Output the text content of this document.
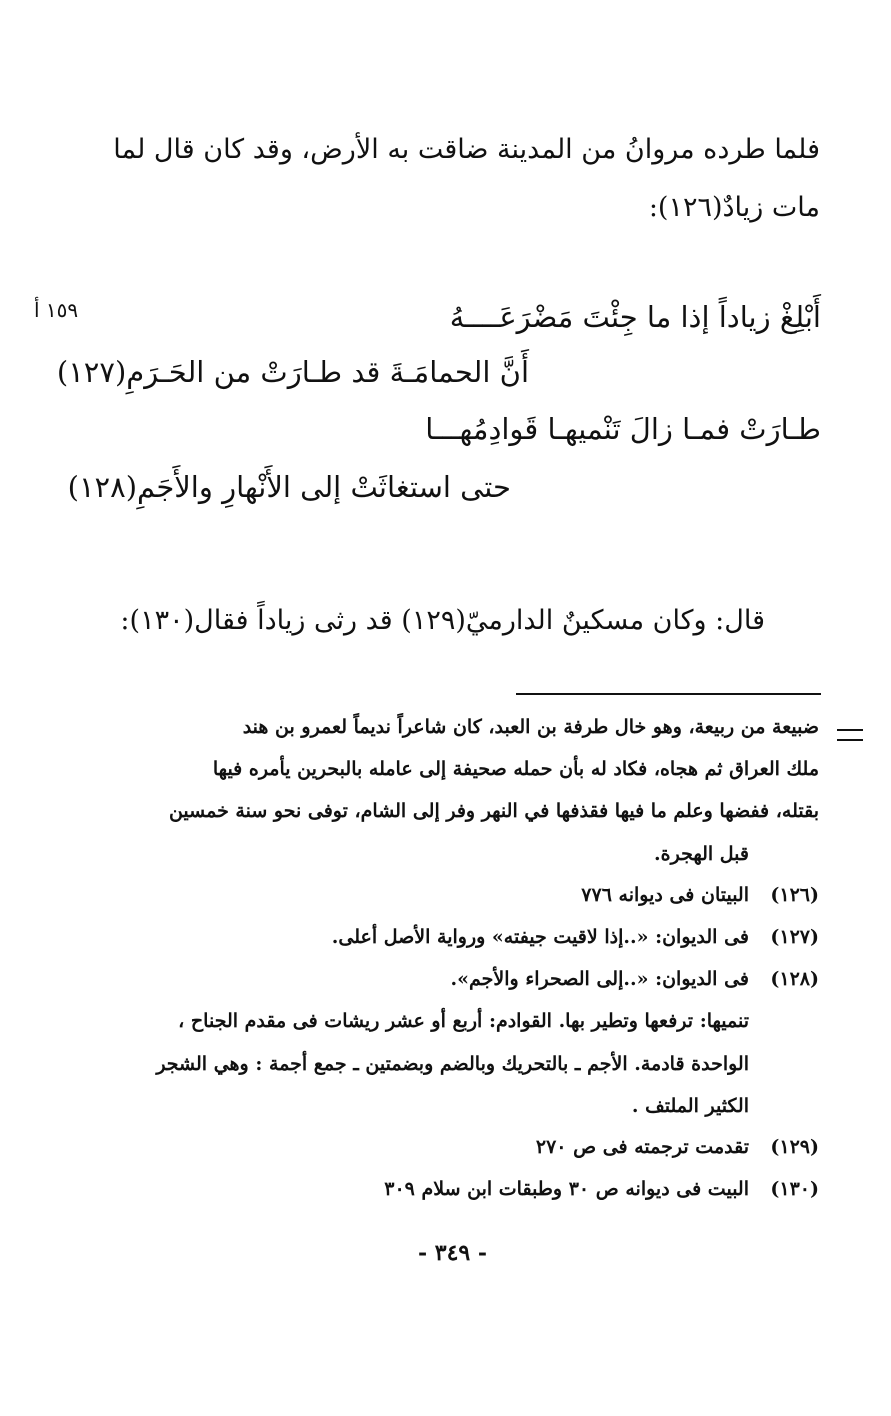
فلما طرده مروانُ من المدينة ضاقت به الأرض، وقد كان قال لما
مات زيادٌ(١٢٦):
١٥٩ أ	أَبْلِغْ زياداً إذا ما جِئْتَ مَضْرَعَــــهُ
أَنَّ الحمامَـةَ قد طـارَتْ من الحَـرَمِ(١٢٧)
طـارَتْ فمـا زالَ تَنْميهـا قَوادِمُهـــا
حتى استغاثَتْ إلى الأَنْهارِ والأَجَمِ(١٢٨)
قال: وكان مسكينٌ الدارميّ(١٢٩) قد رثى زياداً فقال(١٣٠):
ضبيعة من ربيعة، وهو خال طرفة بن العبد، كان شاعراً نديماً لعمرو بن هند
ملك العراق ثم هجاه، فكاد له بأن حمله صحيفة إلى عامله بالبحرين يأمره فيها
بقتله، ففضها وعلم ما فيها فقذفها في النهر وفر إلى الشام، توفى نحو سنة خمسين
قبل الهجرة.
(١٢٦)
البيتان فى ديوانه ٧٧٦
(١٢٧)
فى الديوان: «..إذا لاقيت جيفته» ورواية الأصل أعلى.
(١٢٨)
فى الديوان: «..إلى الصحراء والأجم».
تنميها: ترفعها وتطير بها. القوادم: أربع أو عشر ريشات فى مقدم الجناح ،
الواحدة قادمة. الأجم ـ بالتحريك وبالضم وبضمتين ـ جمع أجمة : وهي الشجر
الكثير الملتف .
(١٢٩)
تقدمت ترجمته فى ص ٢٧٠
(١٣٠)
البيت فى ديوانه ص ٣٠ وطبقات ابن سلام ٣٠٩
- ٣٤٩ -
